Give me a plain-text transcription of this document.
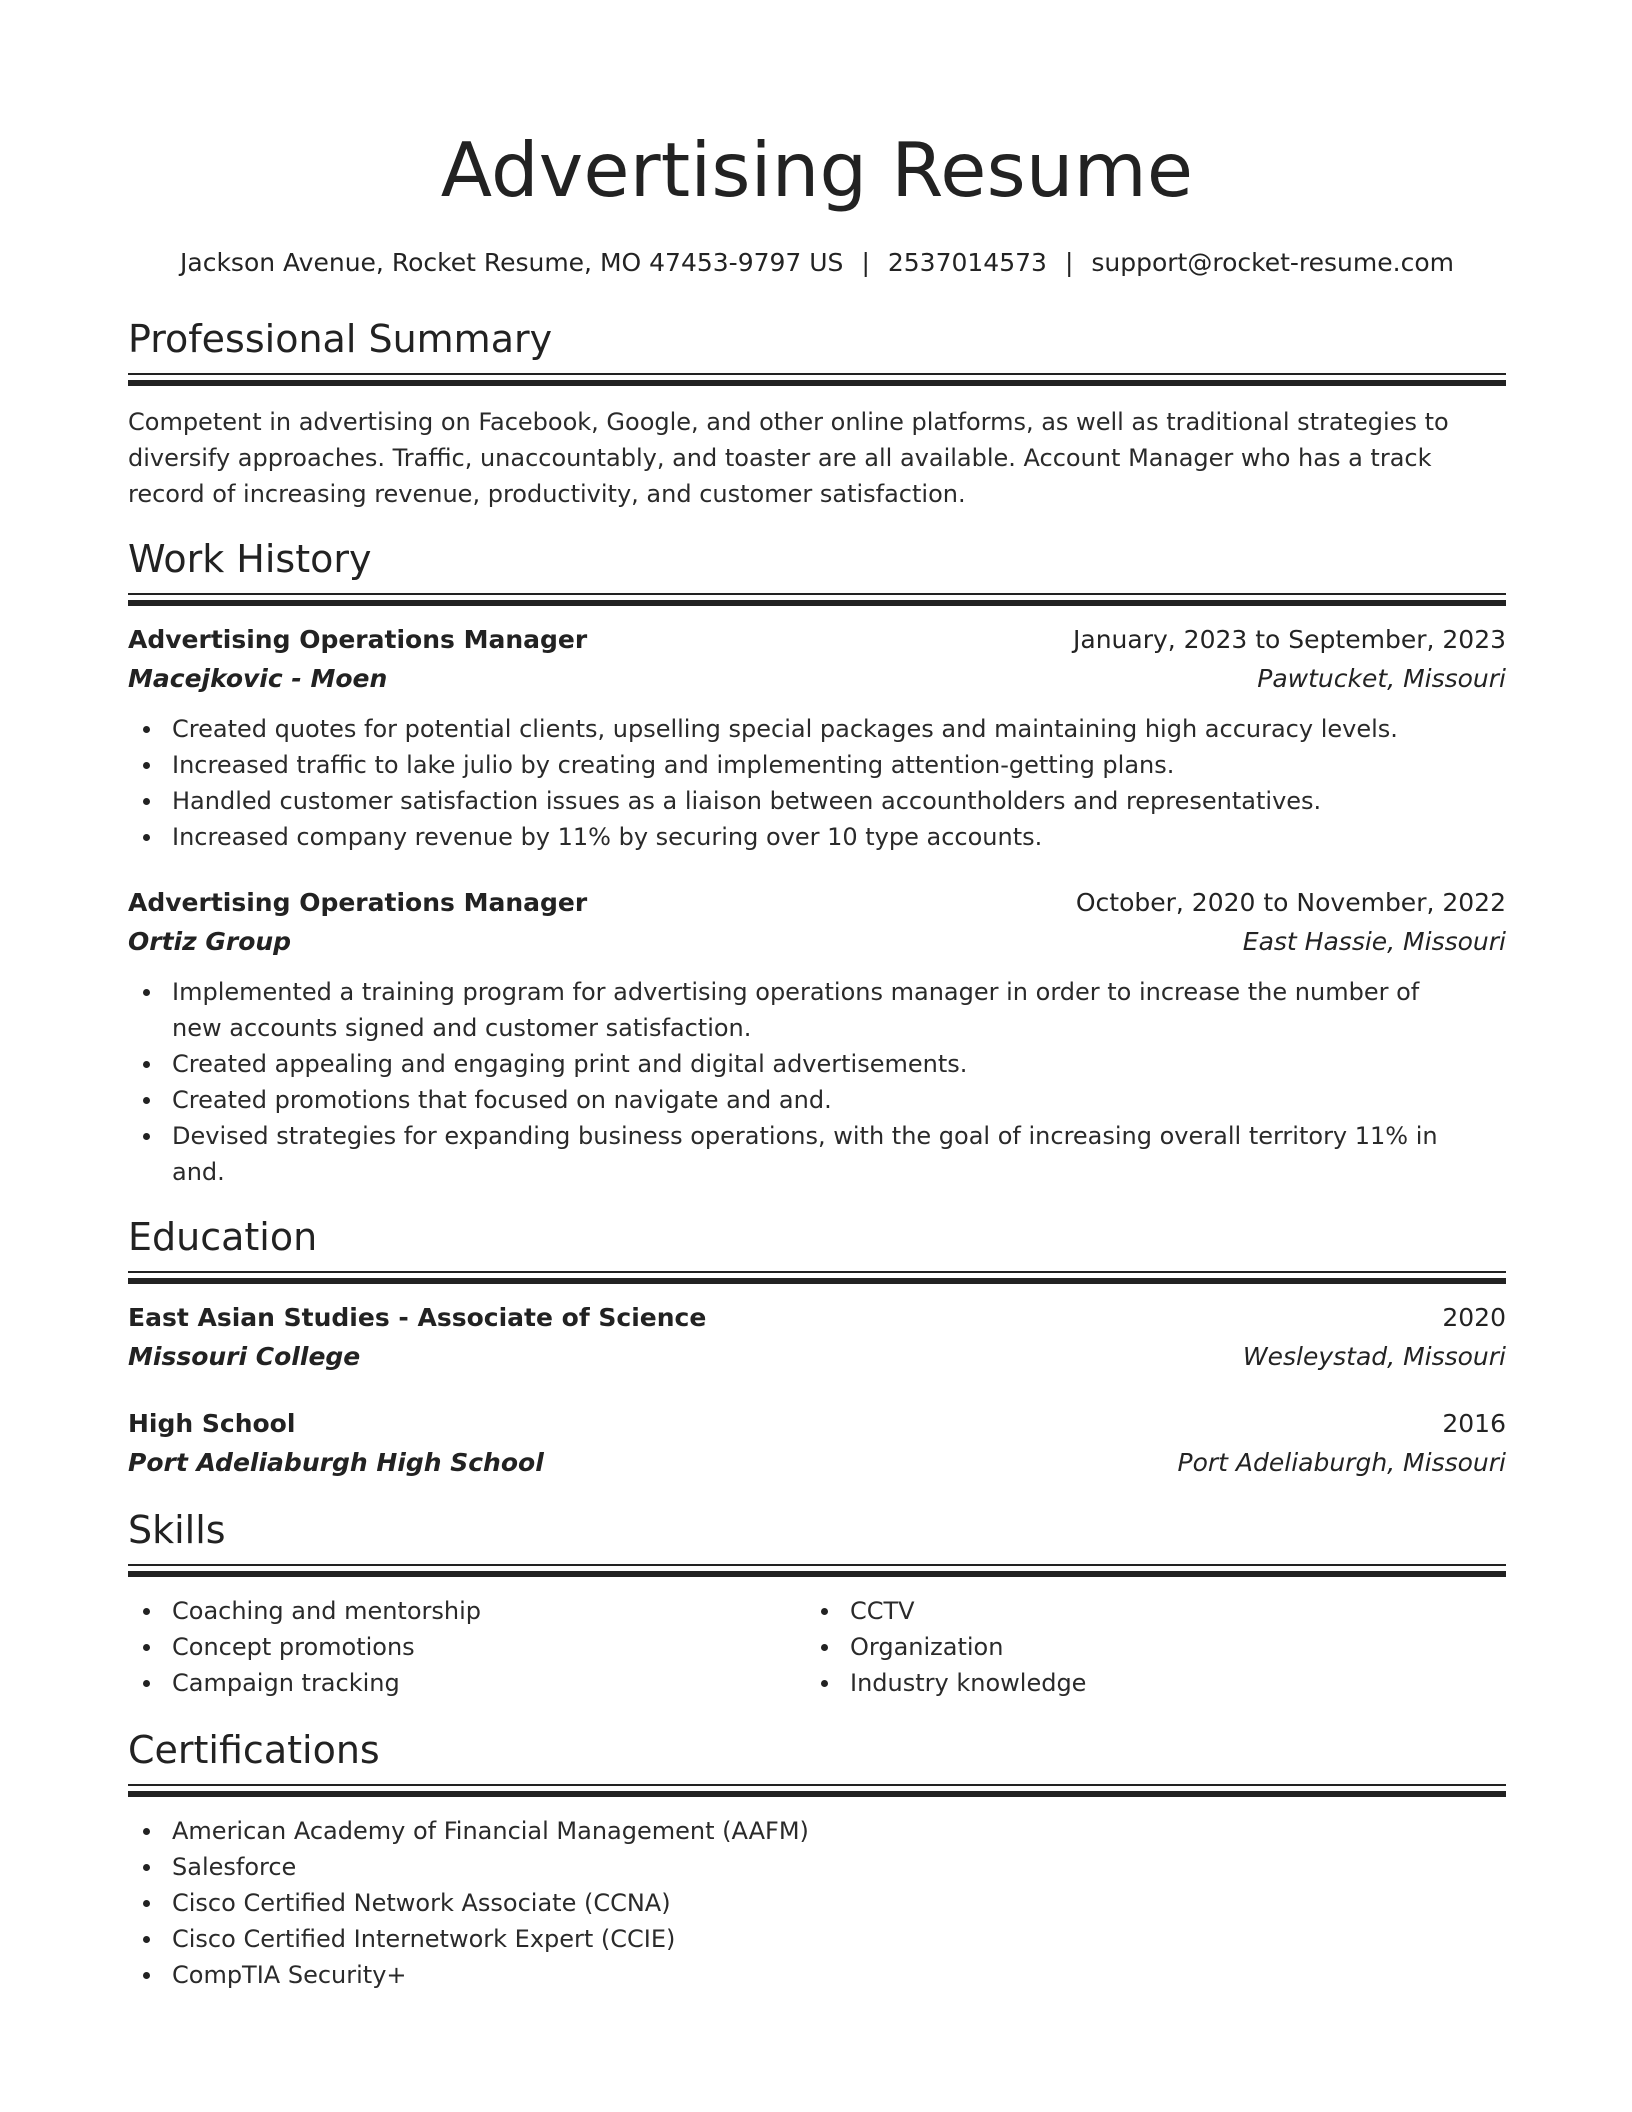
Advertising Resume
Jackson Avenue, Rocket Resume, MO 47453-9797 US | 2537014573 | support@rocket-resume.com
Professional Summary

Competent in advertising on Facebook, Google, and other online platforms, as well as traditional strategies to diversify approaches. Traffic, unaccountably, and toaster are all available. Account Manager who has a track record of increasing revenue, productivity, and customer satisfaction.

Work History
Advertising Operations Manager	January, 2023 to September, 2023
Macejkovic - Moen	Pawtucket, Missouri
Created quotes for potential clients, upselling special packages and maintaining high accuracy levels.
Increased traffic to lake julio by creating and implementing attention-getting plans.
Handled customer satisfaction issues as a liaison between accountholders and representatives.
Increased company revenue by 11% by securing over 10 type accounts.
Advertising Operations Manager	October, 2020 to November, 2022
Ortiz Group	East Hassie, Missouri
Implemented a training program for advertising operations manager in order to increase the number of new accounts signed and customer satisfaction.
Created appealing and engaging print and digital advertisements.
Created promotions that focused on navigate and and.
Devised strategies for expanding business operations, with the goal of increasing overall territory 11% in and.
Education
East Asian Studies - Associate of Science	2020
Missouri College	Wesleystad, Missouri
High School	2016
Port Adeliaburgh High School	Port Adeliaburgh, Missouri
Skills
Coaching and mentorship
Concept promotions
Campaign tracking
CCTV
Organization
Industry knowledge
Certifications
American Academy of Financial Management (AAFM)
Salesforce
Cisco Certified Network Associate (CCNA)
Cisco Certified Internetwork Expert (CCIE)
CompTIA Security+
